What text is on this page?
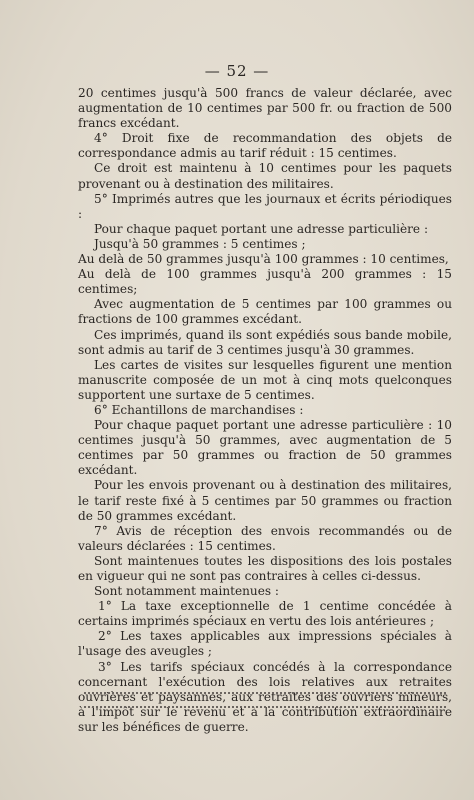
— 52 —

20 centimes jusqu'à 500 francs de valeur déclarée, avec augmentation de 10 centimes par 500 fr. ou fraction de 500 francs excédant.

4° Droit fixe de recommandation des objets de correspondance admis au tarif réduit : 15 centimes.

Ce droit est maintenu à 10 centimes pour les paquets provenant ou à destination des militaires.

5° Imprimés autres que les journaux et écrits périodiques :

Pour chaque paquet portant une adresse particulière :

Jusqu'à 50 grammes : 5 centimes ;

Au delà de 50 grammes jusqu'à 100 grammes : 10 centimes,

Au delà de 100 grammes jusqu'à 200 grammes : 15 centimes;

Avec augmentation de 5 centimes par 100 grammes ou fractions de 100 grammes excédant.

Ces imprimés, quand ils sont expédiés sous bande mobile, sont admis au tarif de 3 centimes jusqu'à 30 grammes.

Les cartes de visites sur lesquelles figurent une mention manuscrite composée de un mot à cinq mots quelconques supportent une surtaxe de 5 centimes.

6° Echantillons de marchandises :

Pour chaque paquet portant une adresse particulière : 10 centimes jusqu'à 50 grammes, avec augmentation de 5 centimes par 50 grammes ou fraction de 50 grammes excédant.

Pour les envois provenant ou à destination des militaires, le tarif reste fixé à 5 centimes par 50 grammes ou fraction de 50 grammes excédant.

7° Avis de réception des envois recommandés ou de valeurs déclarées : 15 centimes.

Sont maintenues toutes les dispositions des lois postales en vigueur qui ne sont pas contraires à celles ci-dessus.

Sont notamment maintenues :

1° La taxe exceptionnelle de 1 centime concédée à certains imprimés spéciaux en vertu des lois antérieures ;

2° Les taxes applicables aux impressions spéciales à l'usage des aveugles ;

3° Les tarifs spéciaux concédés à la correspondance concernant l'exécution des lois relatives aux retraites ouvrières et paysannes, aux retraites des ouvriers mineurs, à l'impôt sur le revenu et à la contribution extraordinaire sur les bénéfices de guerre.
